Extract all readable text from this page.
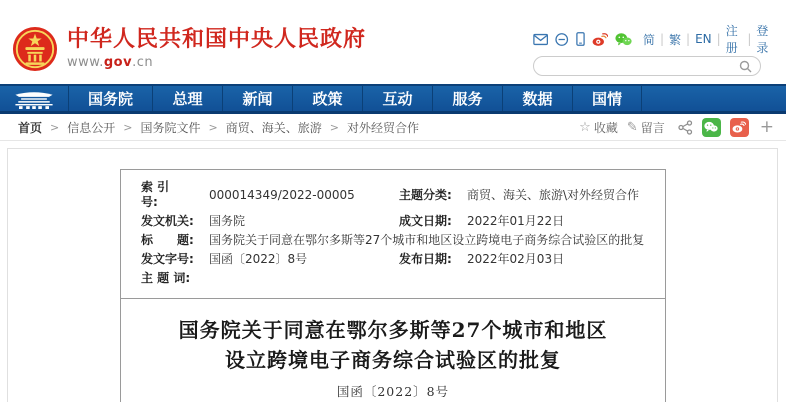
中华人民共和国中央人民政府
www.gov.cn
简 | 繁 | EN |
注册
|
登录
国务院	总理	新闻	政策	互动	服务	数据	国情
首页 > 信息公开 > 国务院文件 > 商贸、海关、旅游 > 对外经贸合作	☆ 收藏 ✎ 留言	+
索 引 号:
000014349/2022-00005	主题分类:	商贸、海关、旅游\对外经贸合作
发文机关:	国务院	成文日期:	2022年01月22日
标　　题:	国务院关于同意在鄂尔多斯等27个城市和地区设立跨境电子商务综合试验区的批复
发文字号:	国函〔2022〕8号	发布日期:	2022年02月03日
主 题 词:
国务院关于同意在鄂尔多斯等27个城市和地区
设立跨境电子商务综合试验区的批复
国函〔2022〕8号
